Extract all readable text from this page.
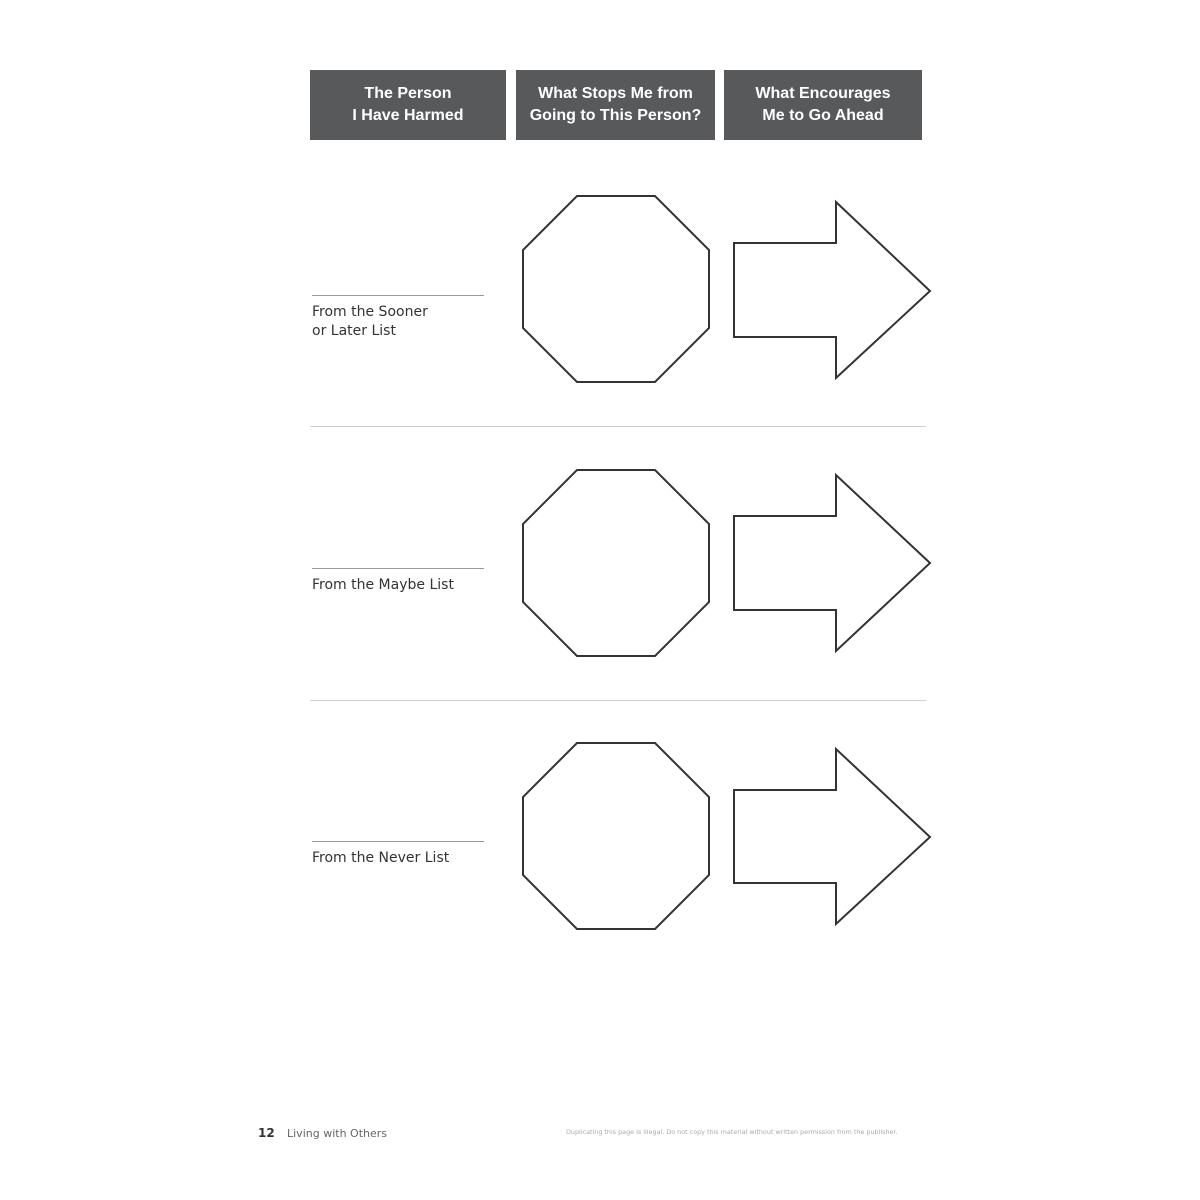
The Person
I Have Harmed
What Stops Me from
Going to This Person?
What Encourages
Me to Go Ahead
From the Sooner
or Later List
From the Maybe List
From the Never List
12 Living with Others	Duplicating this page is illegal. Do not copy this material without written permission from the publisher.
